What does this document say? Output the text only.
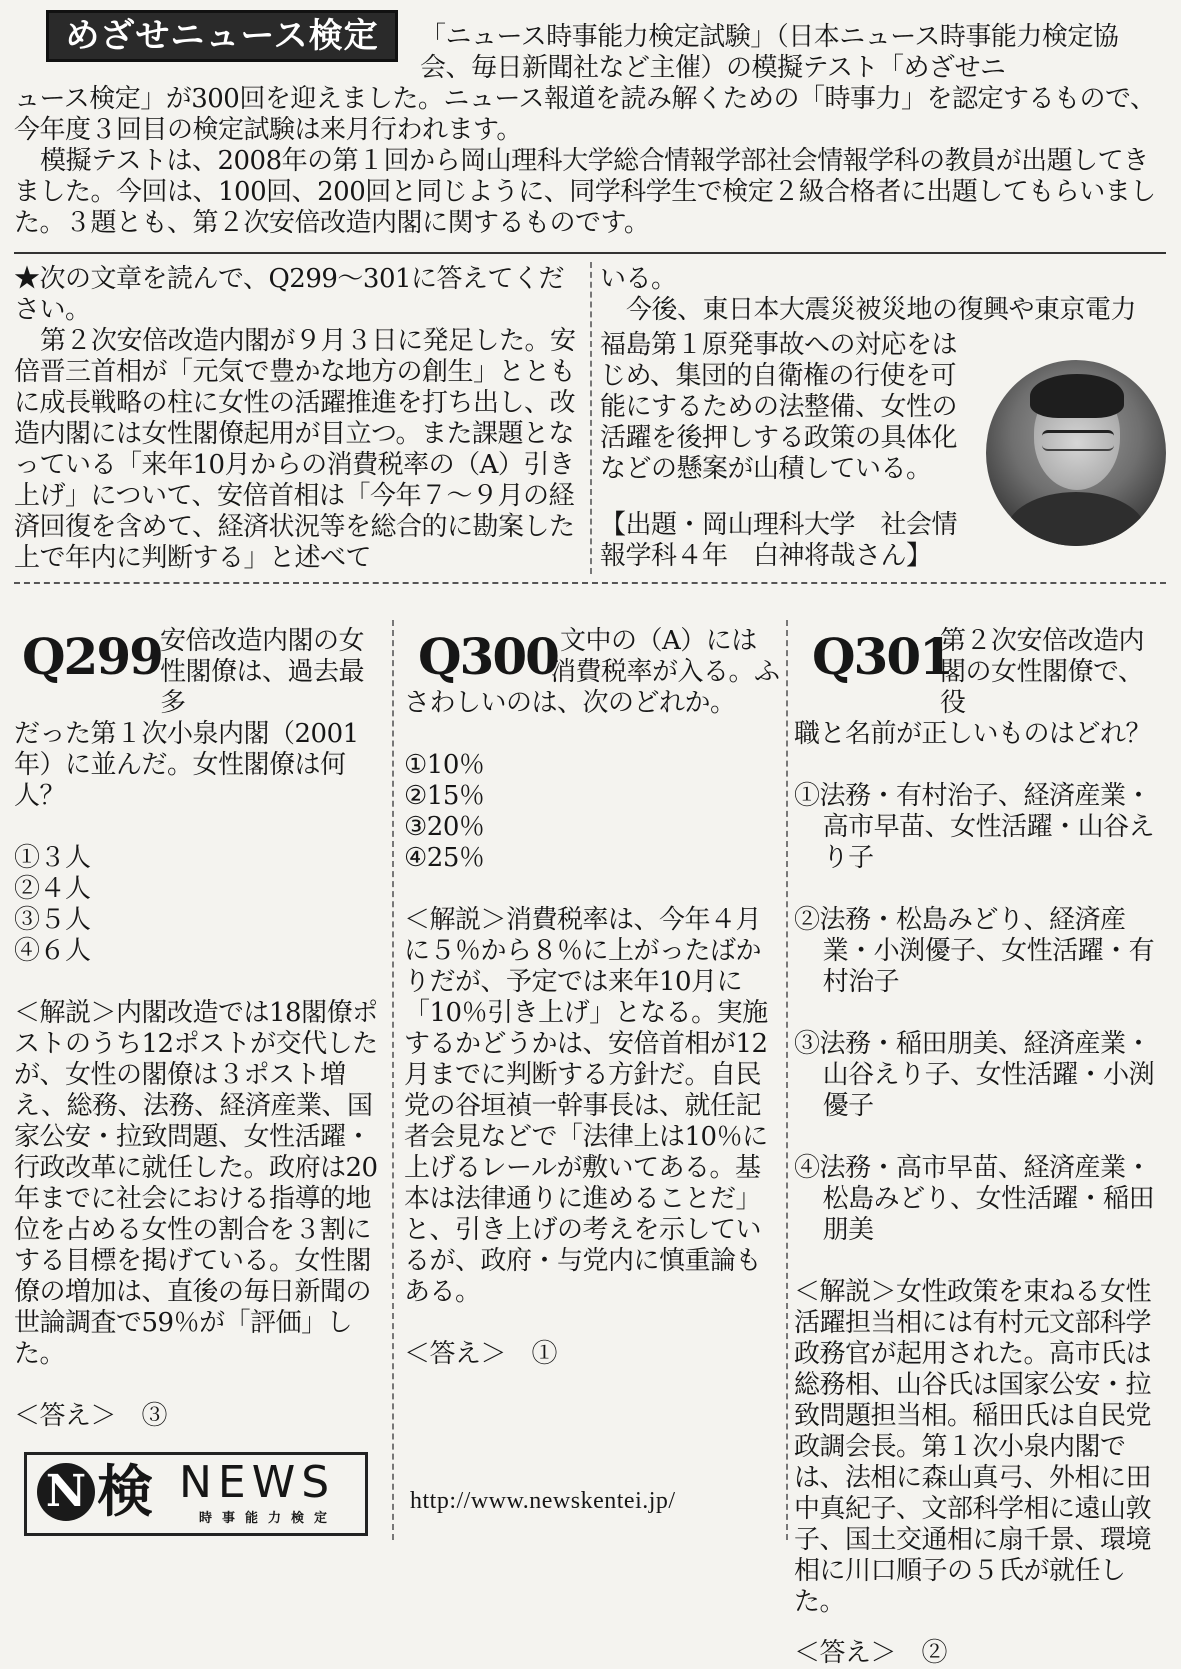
めざせニュース検定	「ニュース時事能力検定試験」（日本ニュース時事能力検定協会、毎日新聞社など主催）の模擬テスト「めざせニ

ュース検定」が300回を迎えました。ニュース報道を読み解くための「時事力」を認定するもので、今年度３回目の検定試験は来月行われます。

模擬テストは、2008年の第１回から岡山理科大学総合情報学部社会情報学科の教員が出題してきました。今回は、100回、200回と同じように、同学科学生で検定２級合格者に出題してもらいました。３題とも、第２次安倍改造内閣に関するものです。

★次の文章を読んで、Q299～301に答えてください。

第２次安倍改造内閣が９月３日に発足した。安倍晋三首相が「元気で豊かな地方の創生」とともに成長戦略の柱に女性の活躍推進を打ち出し、改造内閣には女性閣僚起用が目立つ。また課題となっている「来年10月からの消費税率の（A）引き上げ」について、安倍首相は「今年７～９月の経済回復を含めて、経済状況等を総合的に勘案した上で年内に判断する」と述べて

いる。

今後、東日本大震災被災地の復興や東京電力

福島第１原発事故への対応をはじめ、集団的自衛権の行使を可能にするための法整備、女性の活躍を後押しする政策の具体化などの懸案が山積している。

【出題・岡山理科大学　社会情報学科４年　白神将哉さん】
Q299

安倍改造内閣の女

性閣僚は、過去最多

だった第１次小泉内閣（2001年）に並んだ。女性閣僚は何人？

①３人

②４人

③５人

④６人

＜解説＞内閣改造では18閣僚ポストのうち12ポストが交代したが、女性の閣僚は３ポスト増え、総務、法務、経済産業、国家公安・拉致問題、女性活躍・行政改革に就任した。政府は20年までに社会における指導的地位を占める女性の割合を３割にする目標を掲げている。女性閣僚の増加は、直後の毎日新聞の世論調査で59％が「評価」した。

＜答え＞　③

Q300 文中の（A）には

消費税率が入る。ふ

さわしいのは、次のどれか。

①10％

②15％

③20％

④25％

＜解説＞消費税率は、今年４月に５％から８％に上がったばかりだが、予定では来年10月に「10％引き上げ」となる。実施するかどうかは、安倍首相が12月までに判断する方針だ。自民党の谷垣禎一幹事長は、就任記者会見などで「法律上は10％に上げるレールが敷いてある。基本は法律通りに進めることだ」と、引き上げの考えを示しているが、政府・与党内に慎重論もある。

＜答え＞　①

Q301

第２次安倍改造内

閣の女性閣僚で、役

職と名前が正しいものはどれ？

①法務・有村治子、経済産業・高市早苗、女性活躍・山谷えり子

②法務・松島みどり、経済産業・小渕優子、女性活躍・有村治子

③法務・稲田朋美、経済産業・山谷えり子、女性活躍・小渕優子

④法務・高市早苗、経済産業・松島みどり、女性活躍・稲田朋美

＜解説＞女性政策を束ねる女性活躍担当相には有村元文部科学政務官が起用された。高市氏は総務相、山谷氏は国家公安・拉致問題担当相。稲田氏は自民党政調会長。第１次小泉内閣では、法相に森山真弓、外相に田中真紀子、文部科学相に遠山敦子、国土交通相に扇千景、環境相に川口順子の５氏が就任した。

＜答え＞　②

N 検 NEWS
時事能力検定
http://www.newskentei.jp/
